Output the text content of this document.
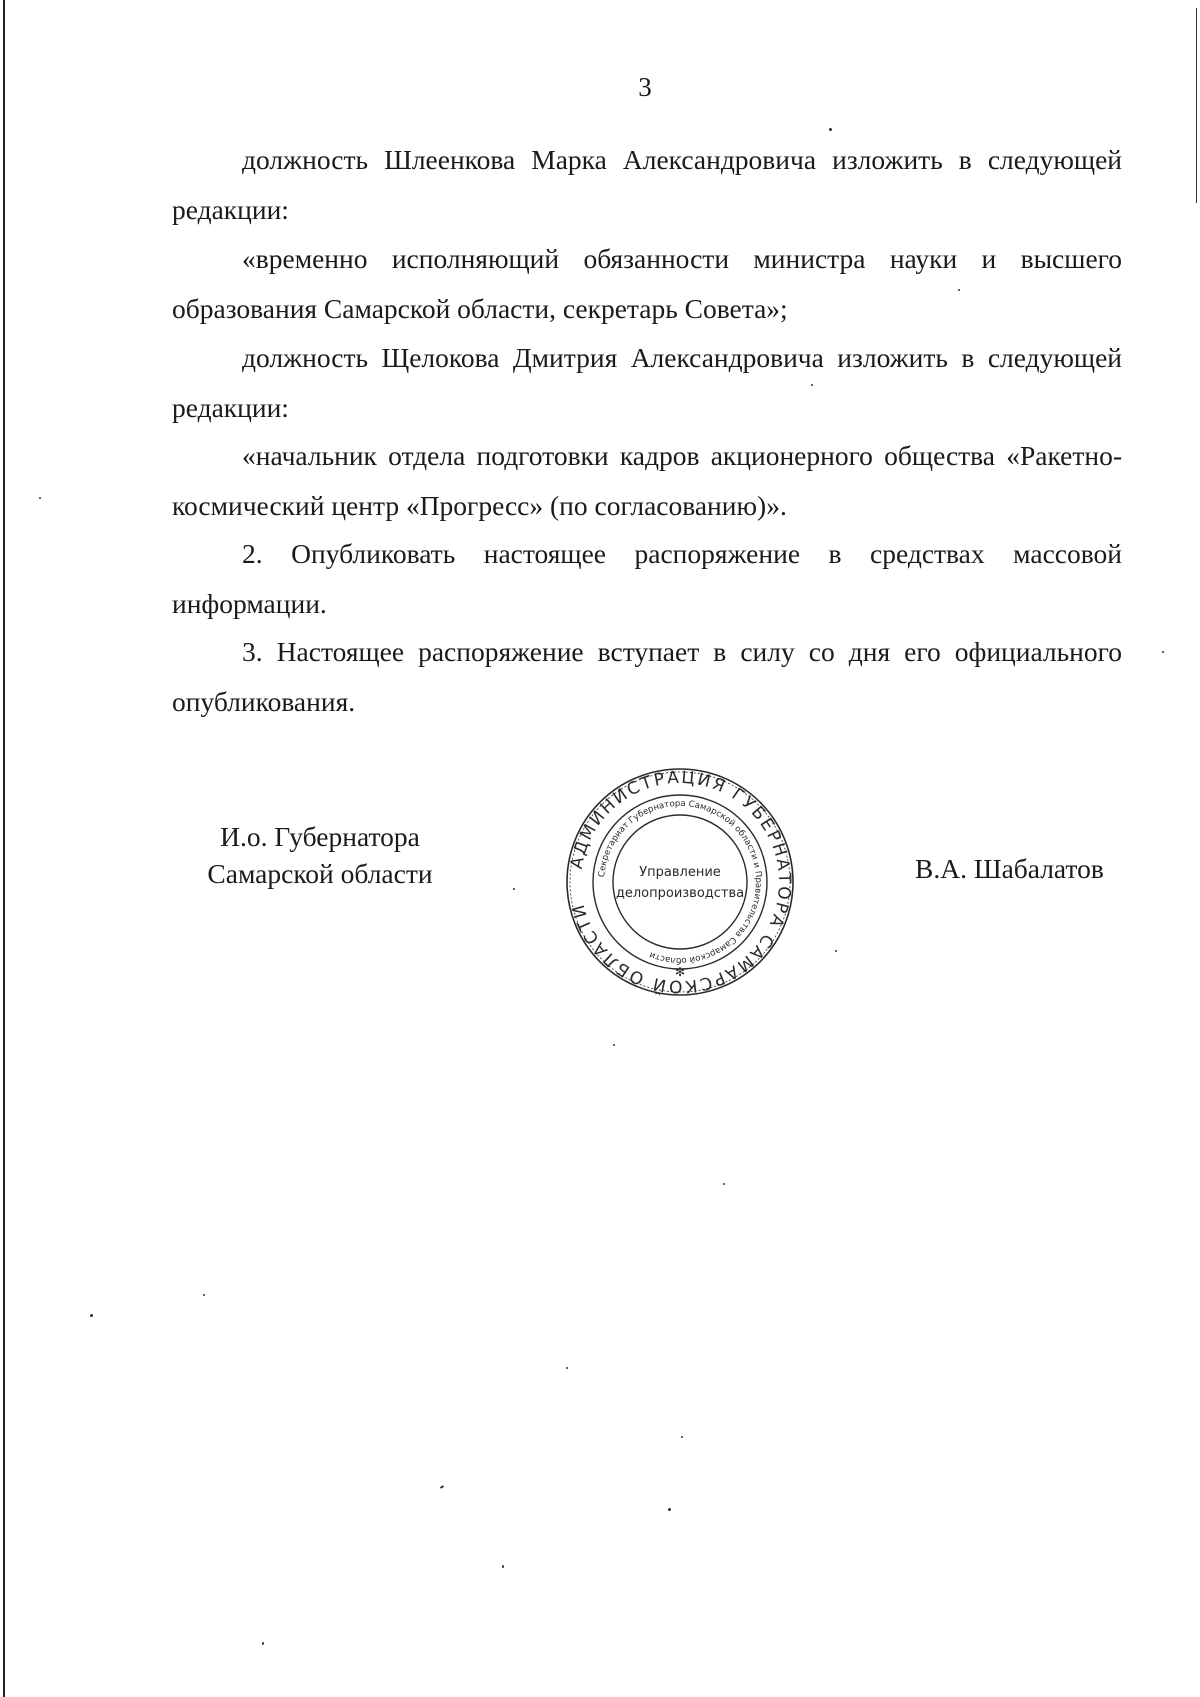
3

должность Шлеенкова Марка Александровича изложить в следующей редакции:

«временно исполняющий обязанности министра науки и высшего образования Самарской области, секретарь Совета»;

должность Щелокова Дмитрия Александровича изложить в следующей редакции:

«начальник отдела подготовки кадров акционерного общества «Ракетно-космический центр «Прогресс» (по согласованию)».

2. Опубликовать настоящее распоряжение в средствах массовой информации.

3. Настоящее распоряжение вступает в силу со дня его официального опубликования.

И.о. Губернатора
Самарской области	В.А. Шабалатов
АДМИНИСТРАЦИЯ ГУБЕРНАТОРА САМАРСКОЙ ОБЛАСТИ
Секретариат Губернатора Самарской области и Правительства Самарской области
Управление
делопроизводства
✻
